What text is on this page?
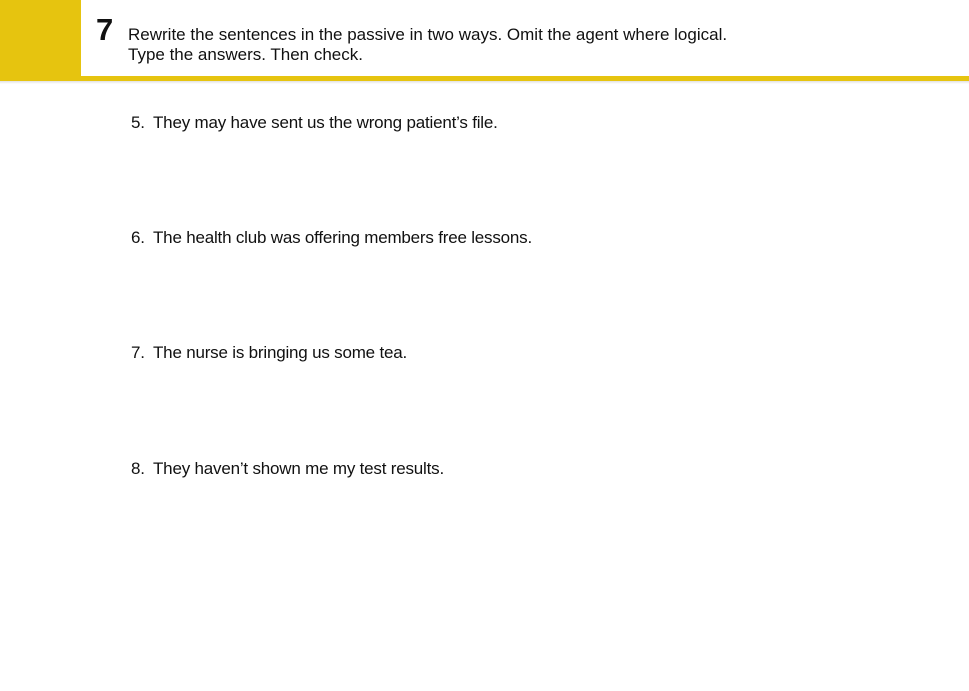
7 Rewrite the sentences in the passive in two ways. Omit the agent where logical.
Type the answers. Then check.
5. They may have sent us the wrong patient’s file.
6. The health club was offering members free lessons.
7. The nurse is bringing us some tea.
8. They haven’t shown me my test results.
